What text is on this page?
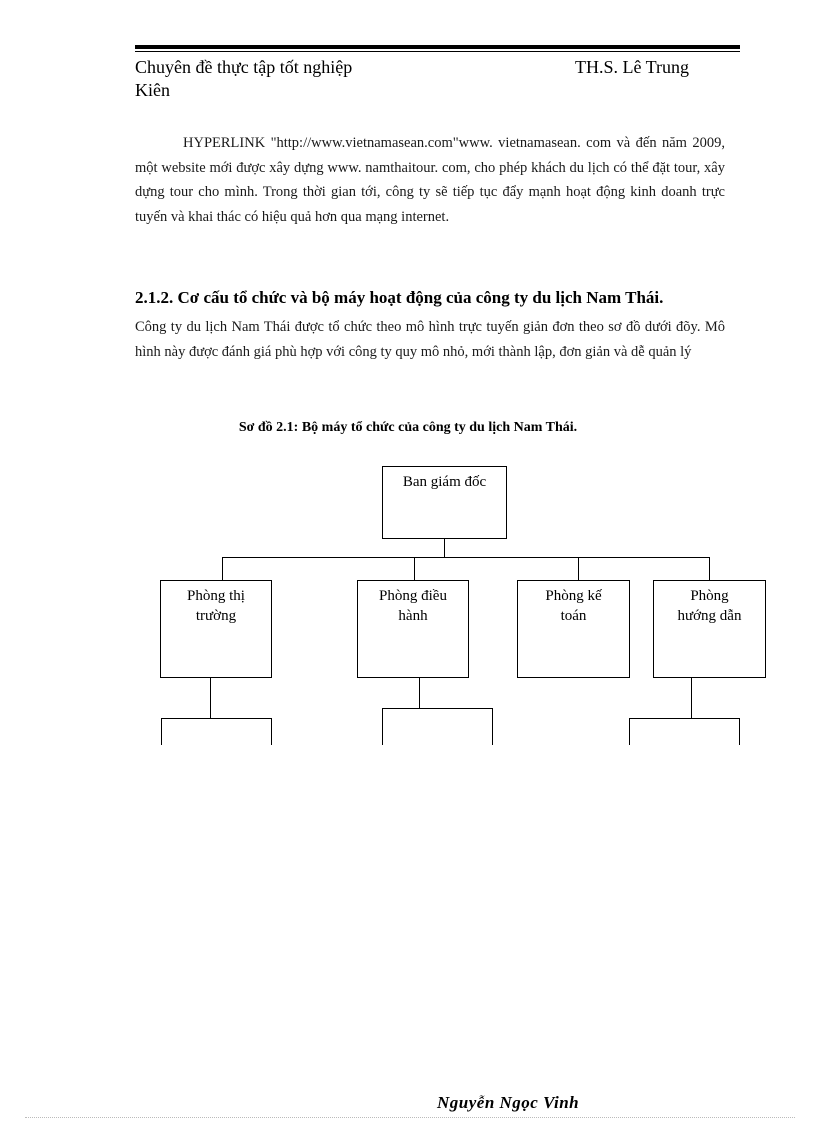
Chuyên đề thực tập tốt nghiệp	TH.S. Lê Trung
Kiên

HYPERLINK "http://www.vietnamasean.com"www. vietnamasean. com và đến năm 2009, một website mới được xây dựng www. namthaitour. com, cho phép khách du lịch có thể đặt tour, xây dựng tour cho mình. Trong thời gian tới, công ty sẽ tiếp tục đẩy mạnh hoạt động kinh doanh trực tuyến và khai thác có hiệu quả hơn qua mạng internet.

2.1.2. Cơ cấu tổ chức và bộ máy hoạt động của công ty du lịch Nam Thái.

Công ty du lịch Nam Thái được tổ chức theo mô hình trực tuyến giản đơn theo sơ đồ dưới đõy. Mô hình này được đánh giá phù hợp với công ty quy mô nhỏ, mới thành lập, đơn giản và dễ quản lý

Sơ đồ 2.1: Bộ máy tổ chức của công ty du lịch Nam Thái.
Ban giám đốc
Phòng thị
trường
Phòng điều
hành
Phòng kế
toán
Phòng
hướng dẫn
Nguyễn Ngọc Vinh
